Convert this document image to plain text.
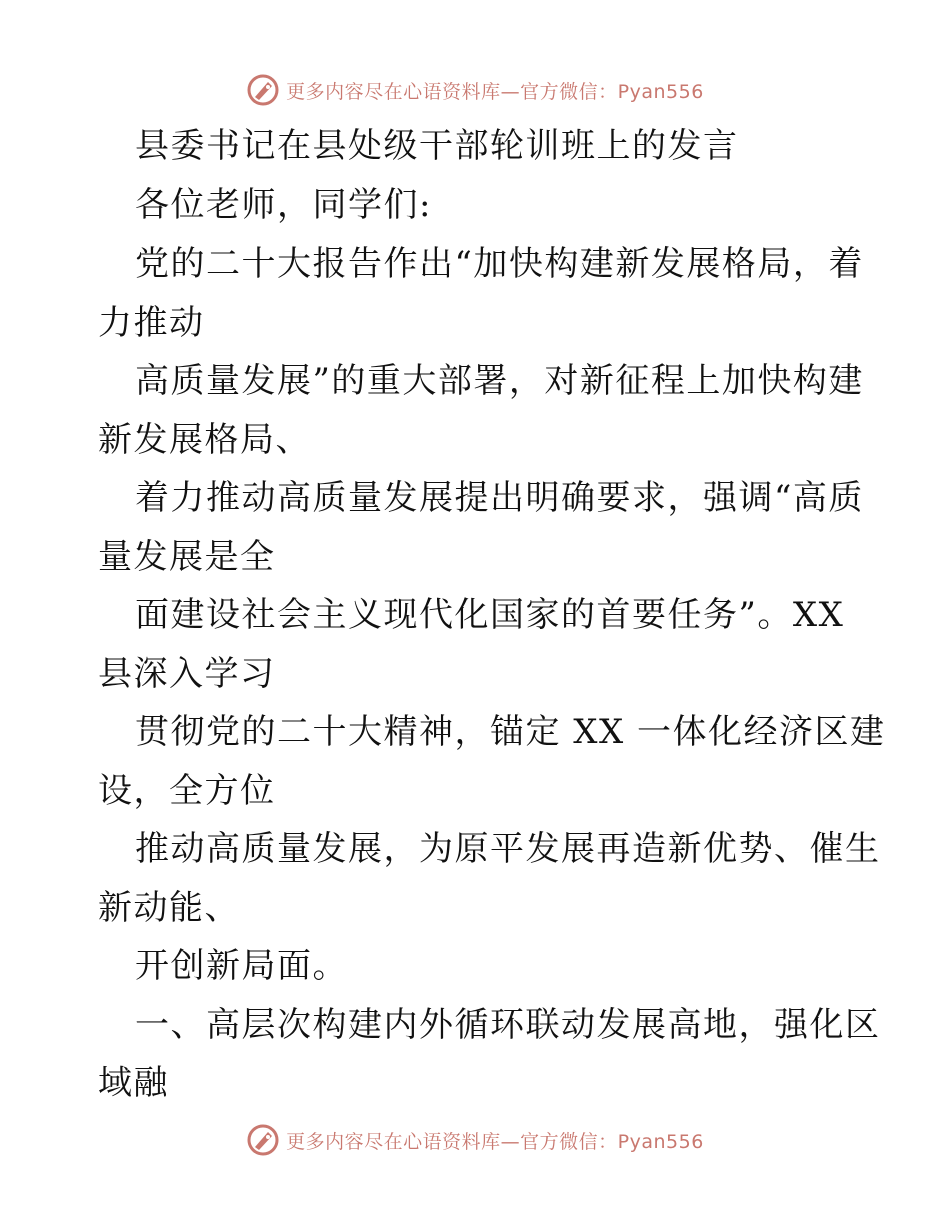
更多内容尽在心语资料库—官方微信：Pyan556
县委书记在县处级干部轮训班上的发言
各位老师，同学们:
党的二十大报告作出“加快构建新发展格局，着
力推动
高质量发展”的重大部署，对新征程上加快构建
新发展格局、
着力推动高质量发展提出明确要求，强调“高质
量发展是全
面建设社会主义现代化国家的首要任务”。XX
县深入学习
贯彻党的二十大精神，锚定 XX 一体化经济区建
设，全方位
推动高质量发展，为原平发展再造新优势、催生
新动能、
开创新局面。
一、高层次构建内外循环联动发展高地，强化区
域融
更多内容尽在心语资料库—官方微信：Pyan556
